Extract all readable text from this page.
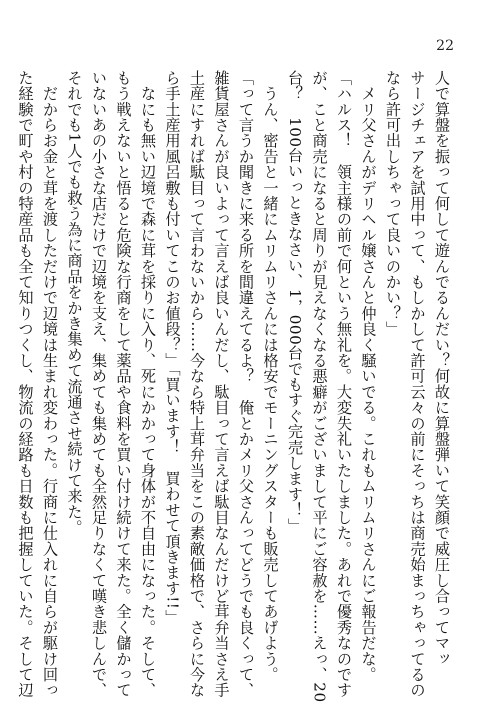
22
人で算盤を振って何して遊んでるんだい？何故に算盤弾いて笑顔で威圧し合ってマッ
サージチェアを試用中って、もしかして許可云々の前にそっちは商売始まっちゃってるの
なら許可出しちゃって良いのかい？」
　メリ父さんがデリヘル嬢さんと仲良く騒いでる。これもムリムリさんにご報告だな。
「ハルス！　領主様の前で何という無礼を。大変失礼いたしました。あれで優秀なのです
が、こと商売になると周りが見えなくなる悪癖がございまして平にご容赦を……えっ、20
台？　100台いっときなさい、1，000台でもすぐ完売します！」
　うん、密告と一緒にムリムリさんには格安でモーニングスターも販売してあげよう。
「って言うか聞きに来る所を間違えてるよ？　俺とかメリ父さんってどうでも良くって、
雑貨屋さんが良いよって言えば良いんだし、駄目って言えば駄目なんだけど茸弁当さえ手
土産にすれば駄目って言わないから……今なら特上茸弁当をこの素敵価格で、さらに今な
ら手土産用風呂敷も付いてこのお値段？」「買います！　買わせて頂きます!!」
　なにも無い辺境で森に茸を採りに入り、死にかかって身体が不自由になった。そして、
もう戦えないと悟ると危険な行商をして薬品や食料を買い付け続けて来た。全く儲かって
いないあの小さな店だけで辺境を支え、集めても集めても全然足りなくて嘆き悲しんで、
それでも1人でも救う為に商品をかき集めて流通させ続けて来た。
　だからお金と茸を渡しただけで辺境は生まれ変わった。行商に仕入れに自らが駆け回っ
た経験で町や村の特産品も全て知りつくし、物流の経路も日数も把握していた。そして辺
